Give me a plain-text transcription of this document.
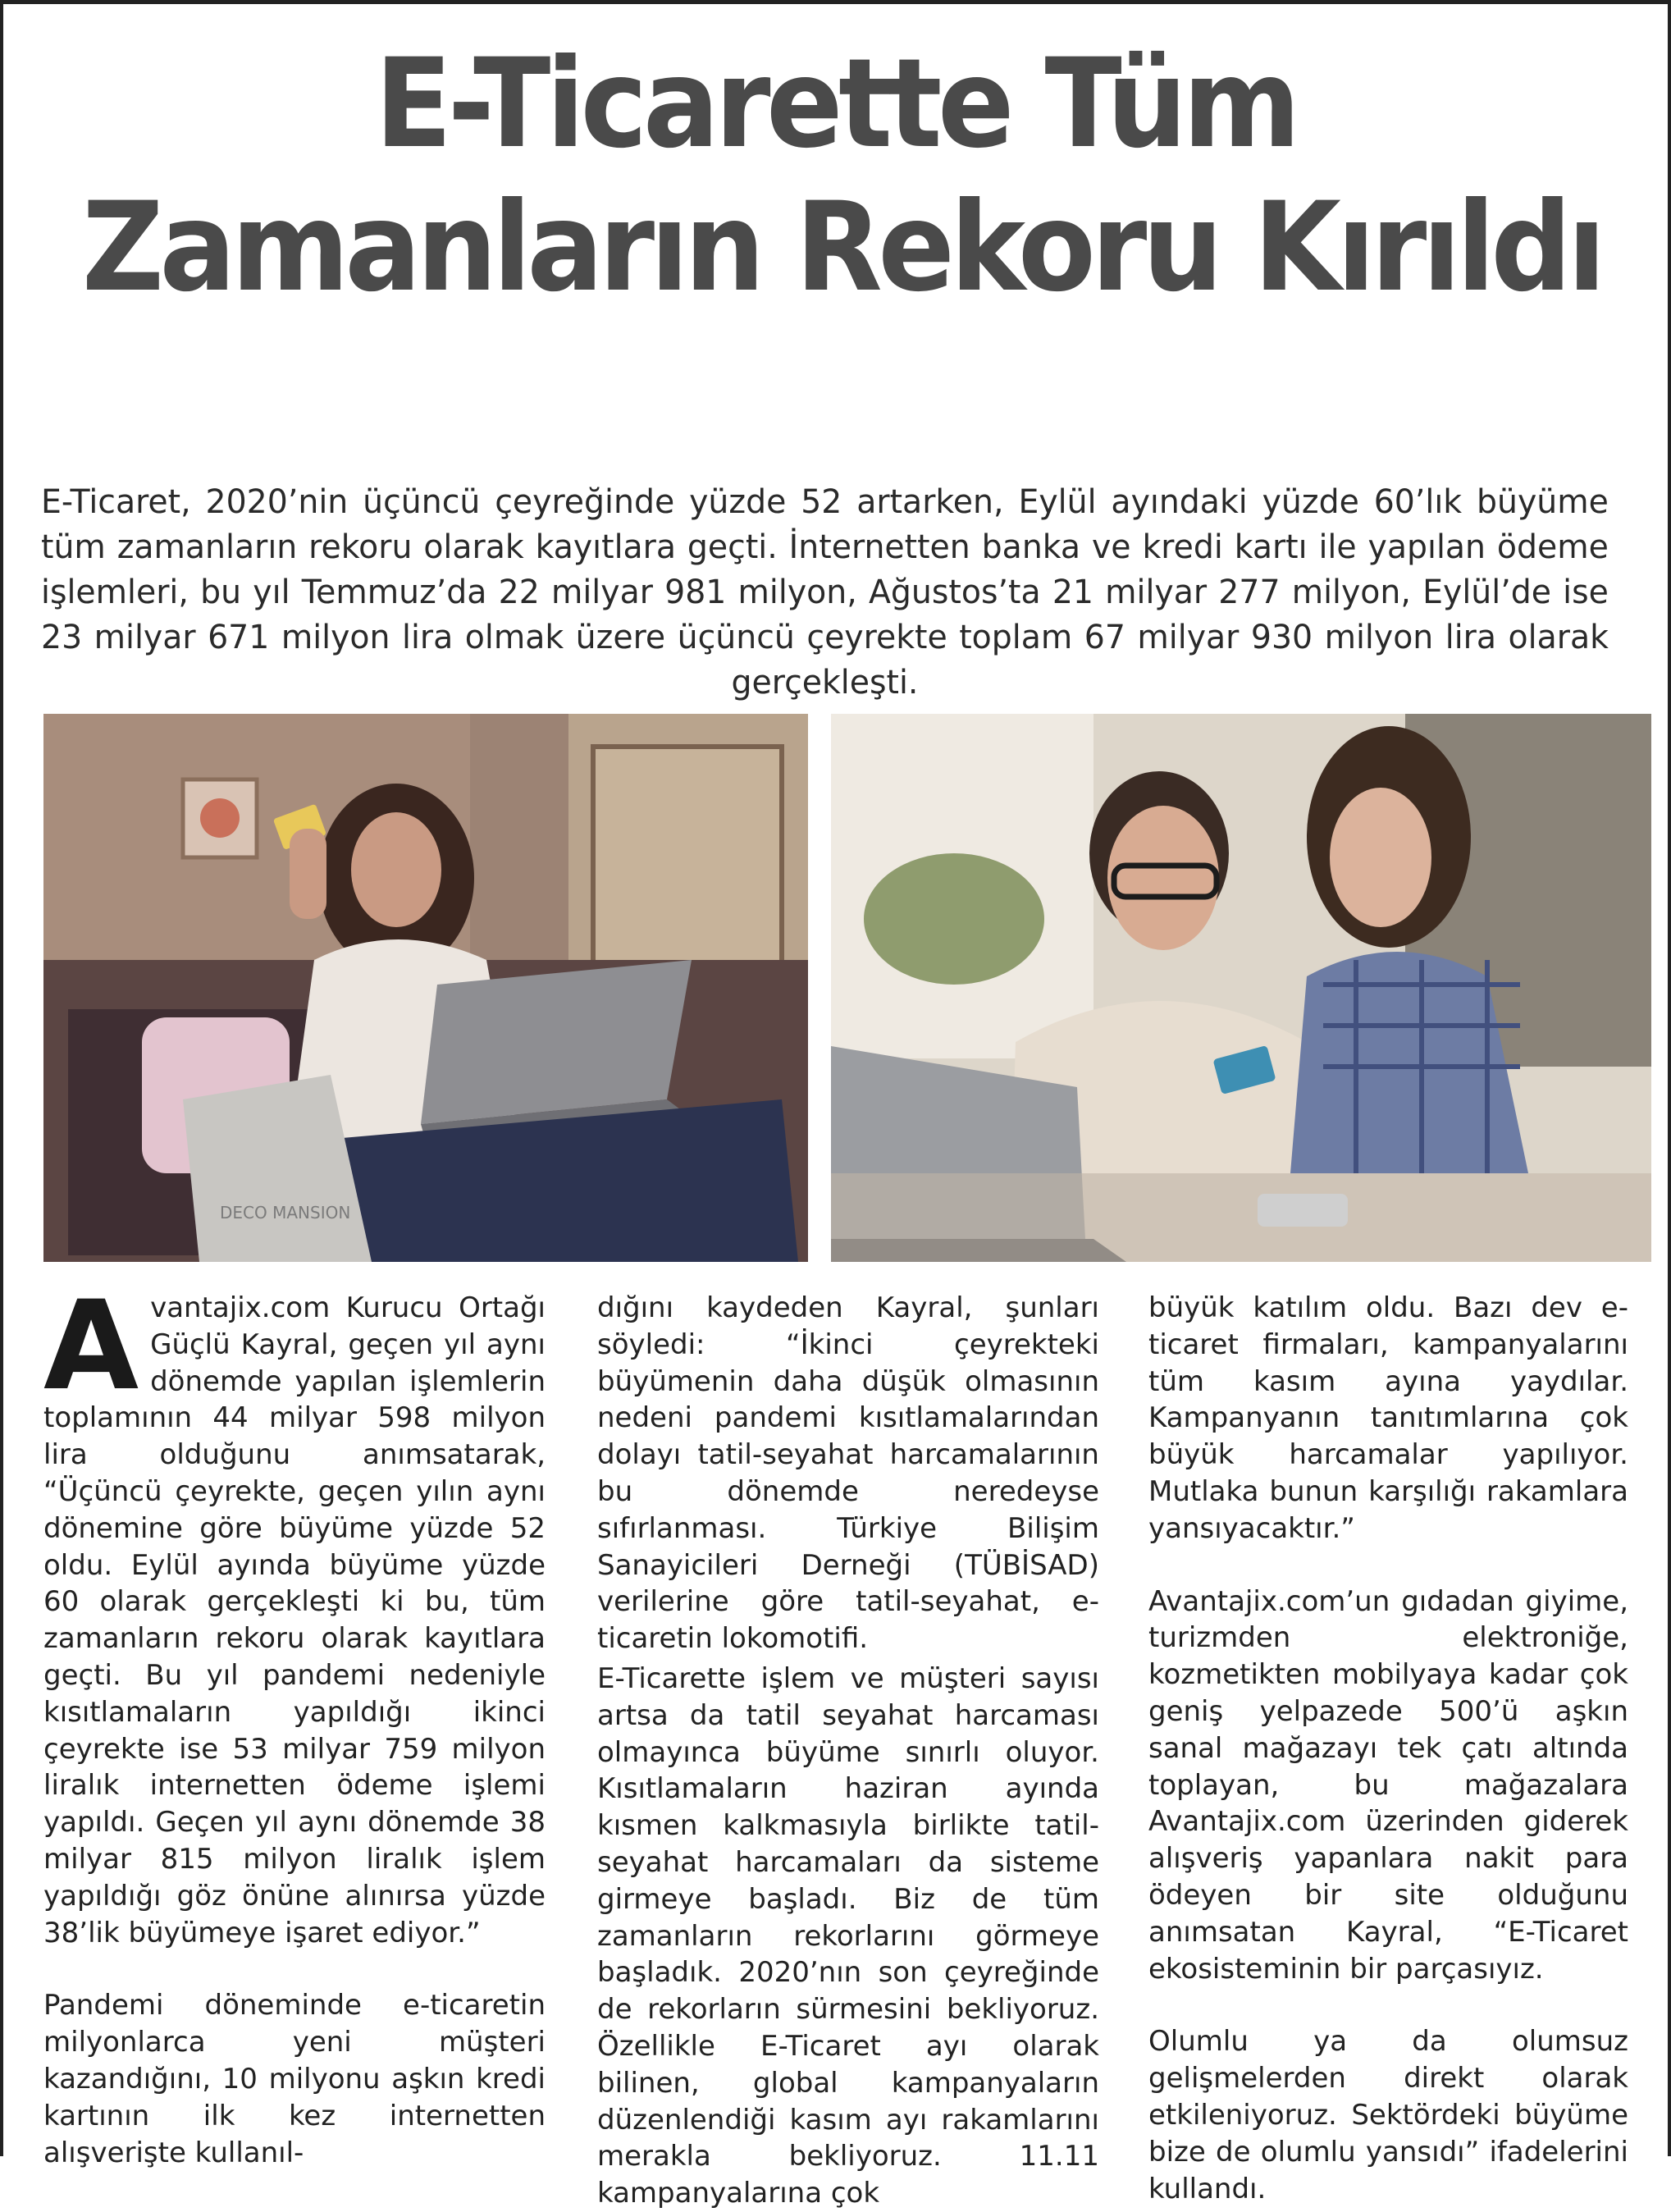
E-Ticarette Tüm
Zamanların Rekoru Kırıldı
E-Ticaret, 2020’nin üçüncü çeyreğinde yüzde 52 artarken, Eylül ayındaki yüzde 60’lık büyüme tüm zamanların rekoru olarak kayıtlara geçti. İnternetten banka ve kredi kartı ile yapılan ödeme işlemleri, bu yıl Temmuz’da 22 milyar 981 milyon, Ağustos’ta 21 milyar 277 milyon, Eylül’de ise 23 milyar 671 milyon lira olmak üzere üçüncü çeyrekte toplam 67 milyar 930 milyon lira olarak gerçekleşti.
DECO MANSION

Avantajix.com Kurucu Ortağı Güçlü Kayral, geçen yıl aynı dönemde yapılan işlemlerin toplamının 44 milyar 598 milyon lira olduğunu anımsatarak, “Üçüncü çeyrekte, geçen yılın aynı dönemine göre büyüme yüzde 52 oldu. Eylül ayında büyüme yüzde 60 olarak gerçekleşti ki bu, tüm zamanların rekoru olarak kayıtlara geçti. Bu yıl pandemi nedeniyle kısıtlamaların yapıldığı ikinci çeyrekte ise 53 milyar 759 milyon liralık internetten ödeme işlemi yapıldı. Geçen yıl aynı dönemde 38 milyar 815 milyon liralık işlem yapıldığı göz önüne alınırsa yüzde 38’lik büyümeye işaret ediyor.”

Pandemi döneminde e-ticaretin milyonlarca yeni müşteri kazandığını, 10 milyonu aşkın kredi kartının ilk kez internetten alışverişte kullanıl-

dığını kaydeden Kayral, şunları söyledi: “İkinci çeyrekteki büyümenin daha düşük olmasının nedeni pandemi kısıtlamalarından dolayı tatil-seyahat harcamalarının bu dönemde neredeyse sıfırlanması. Türkiye Bilişim Sanayicileri Derneği (TÜBİSAD) verilerine göre tatil-seyahat, e-ticaretin lokomotifi.

E-Ticarette işlem ve müşteri sayısı artsa da tatil seyahat harcaması olmayınca büyüme sınırlı oluyor. Kısıtlamaların haziran ayında kısmen kalkmasıyla birlikte tatil-seyahat harcamaları da sisteme girmeye başladı. Biz de tüm zamanların rekorlarını görmeye başladık. 2020’nın son çeyreğinde de rekorların sürmesini bekliyoruz. Özellikle E-Ticaret ayı olarak bilinen, global kampanyaların düzenlendiği kasım ayı rakamlarını merakla bekliyoruz. 11.11 kampanyalarına çok

büyük katılım oldu. Bazı dev e-ticaret firmaları, kampanyalarını tüm kasım ayına yaydılar. Kampanyanın tanıtımlarına çok büyük harcamalar yapılıyor. Mutlaka bunun karşılığı rakamlara yansıyacaktır.”

Avantajix.com’un gıdadan giyime, turizmden elektroniğe, kozmetikten mobilyaya kadar çok geniş yelpazede 500’ü aşkın sanal mağazayı tek çatı altında toplayan, bu mağazalara Avantajix.com üzerinden giderek alışveriş yapanlara nakit para ödeyen bir site olduğunu anımsatan Kayral, “E-Ticaret ekosisteminin bir parçasıyız.

Olumlu ya da olumsuz gelişmelerden direkt olarak etkileniyoruz. Sektördeki büyüme bize de olumlu yansıdı” ifadelerini kullandı.
